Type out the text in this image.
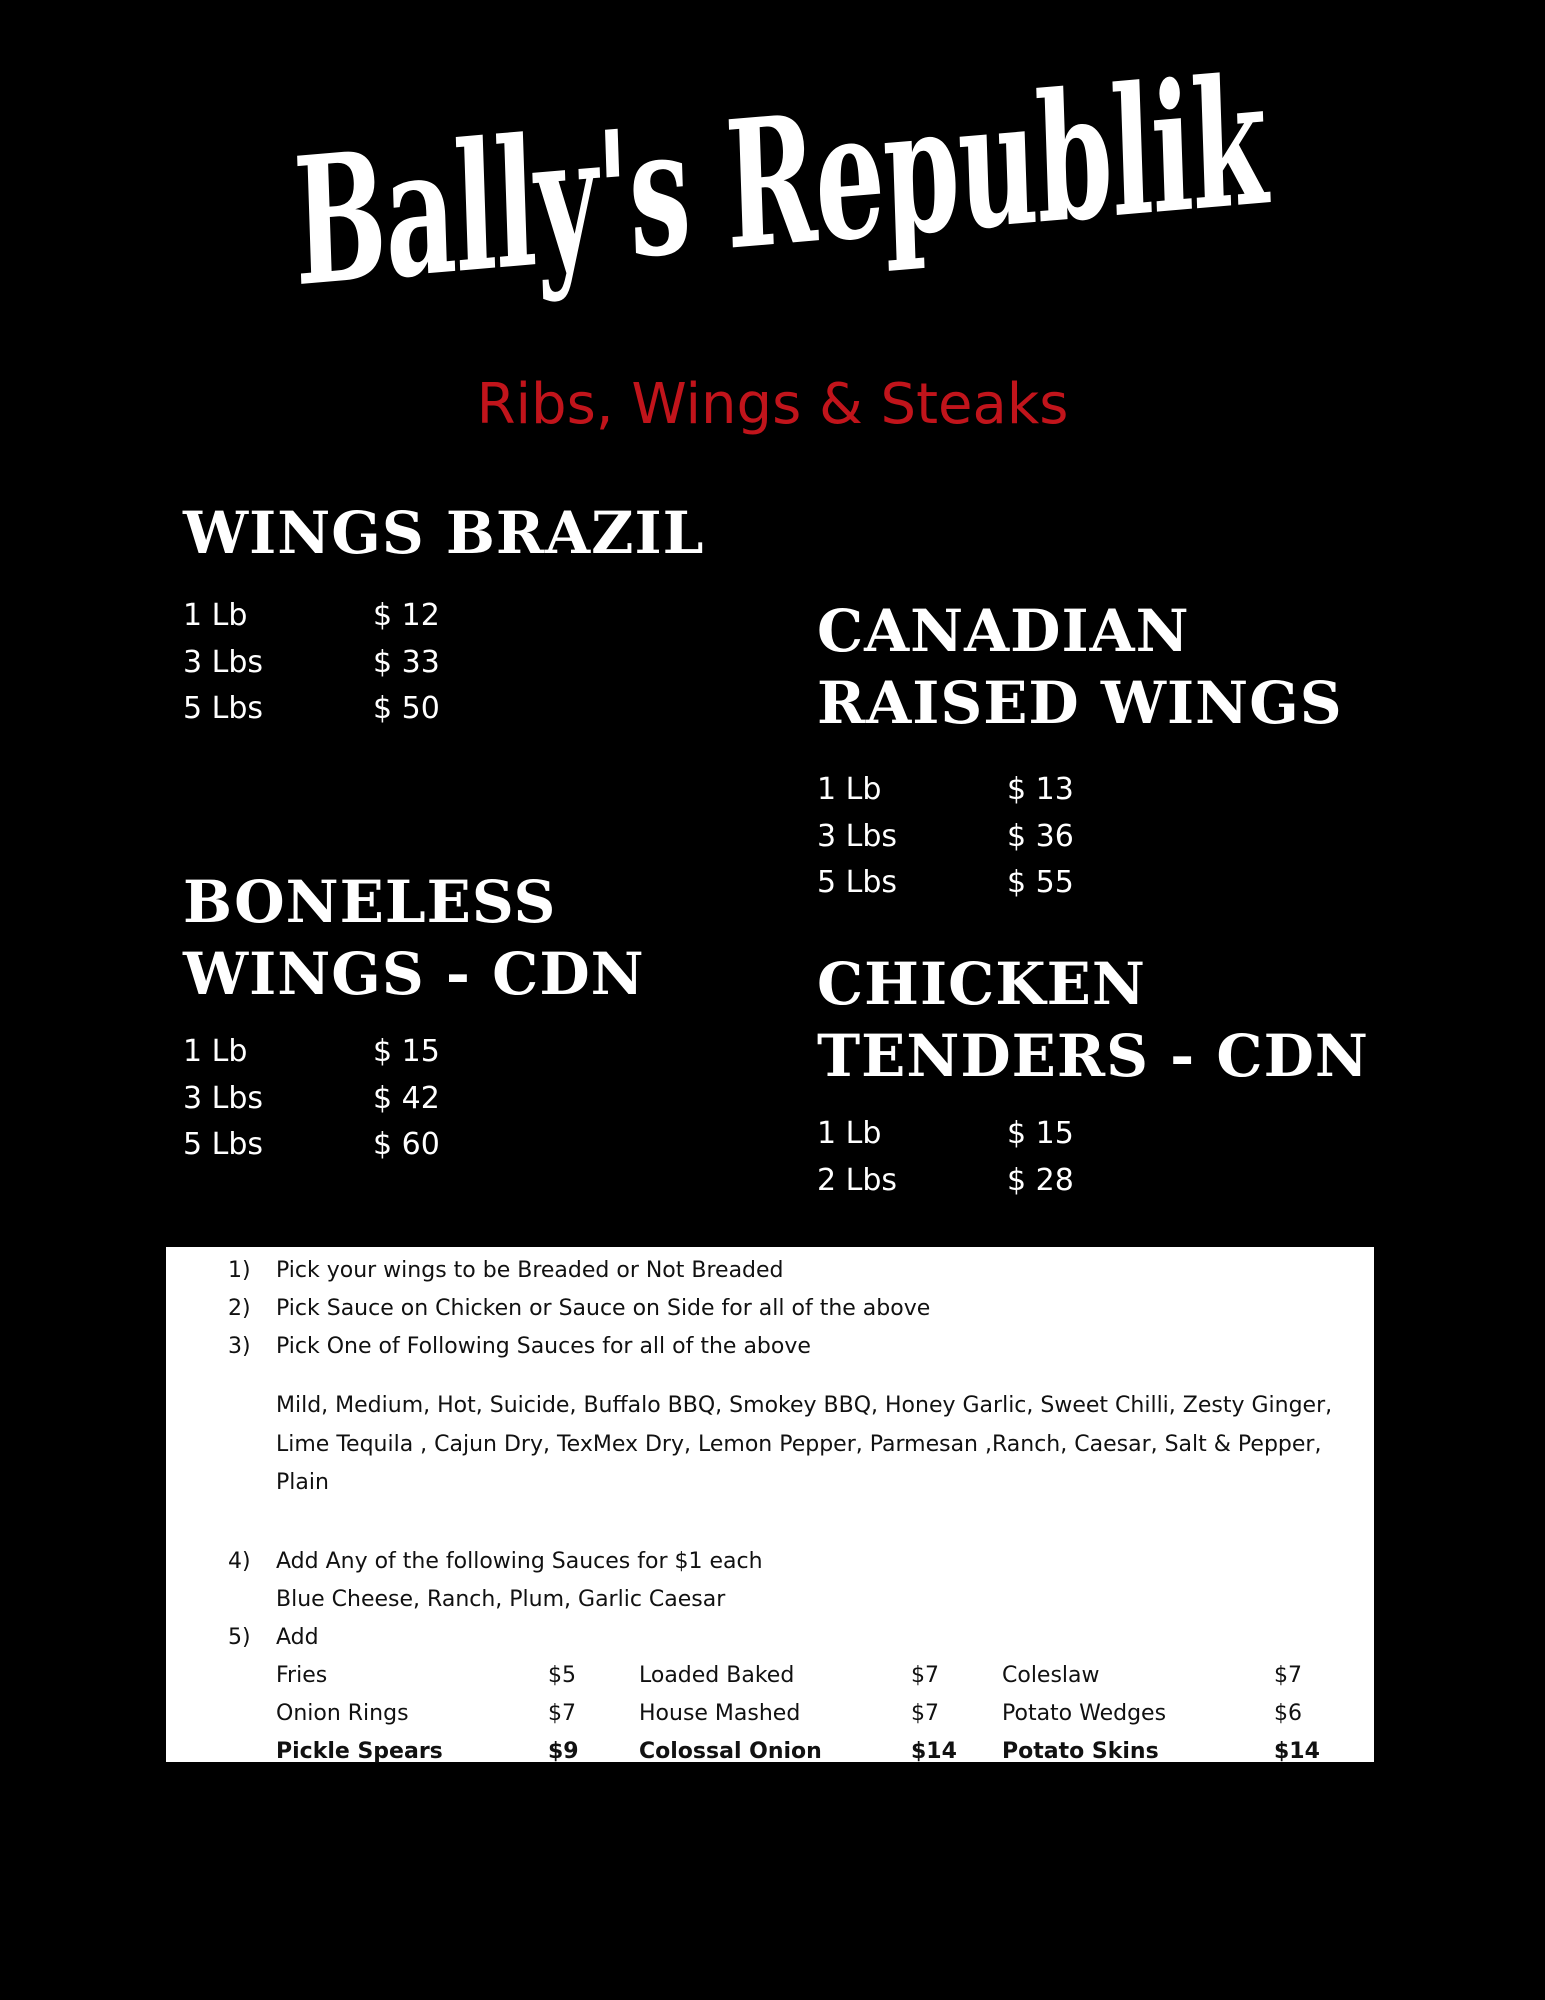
Bally's Republik
Ribs, Wings & Steaks
WINGS BRAZIL
1 Lb	$ 12
3 Lbs	$ 33
5 Lbs	$ 50
CANADIAN
RAISED WINGS
1 Lb	$ 13
3 Lbs	$ 36
5 Lbs	$ 55
BONELESS
WINGS - CDN
1 Lb	$ 15
3 Lbs	$ 42
5 Lbs	$ 60
CHICKEN
TENDERS - CDN
1 Lb	$ 15
2 Lbs	$ 28
1) Pick your wings to be Breaded or Not Breaded
2) Pick Sauce on Chicken or Sauce on Side for all of the above
3) Pick One of Following Sauces for all of the above
Mild, Medium, Hot, Suicide, Buffalo BBQ, Smokey BBQ, Honey Garlic, Sweet Chilli, Zesty Ginger, Lime Tequila , Cajun Dry, TexMex Dry, Lemon Pepper, Parmesan ,Ranch, Caesar, Salt & Pepper, Plain
4) Add Any of the following Sauces for $1 each
Blue Cheese, Ranch, Plum, Garlic Caesar
5) Add
Fries	$5	Loaded Baked	$7	Coleslaw	$7
Onion Rings	$7	House Mashed	$7	Potato Wedges	$6
Pickle Spears	$9	Colossal Onion	$14 Potato Skins	$14
